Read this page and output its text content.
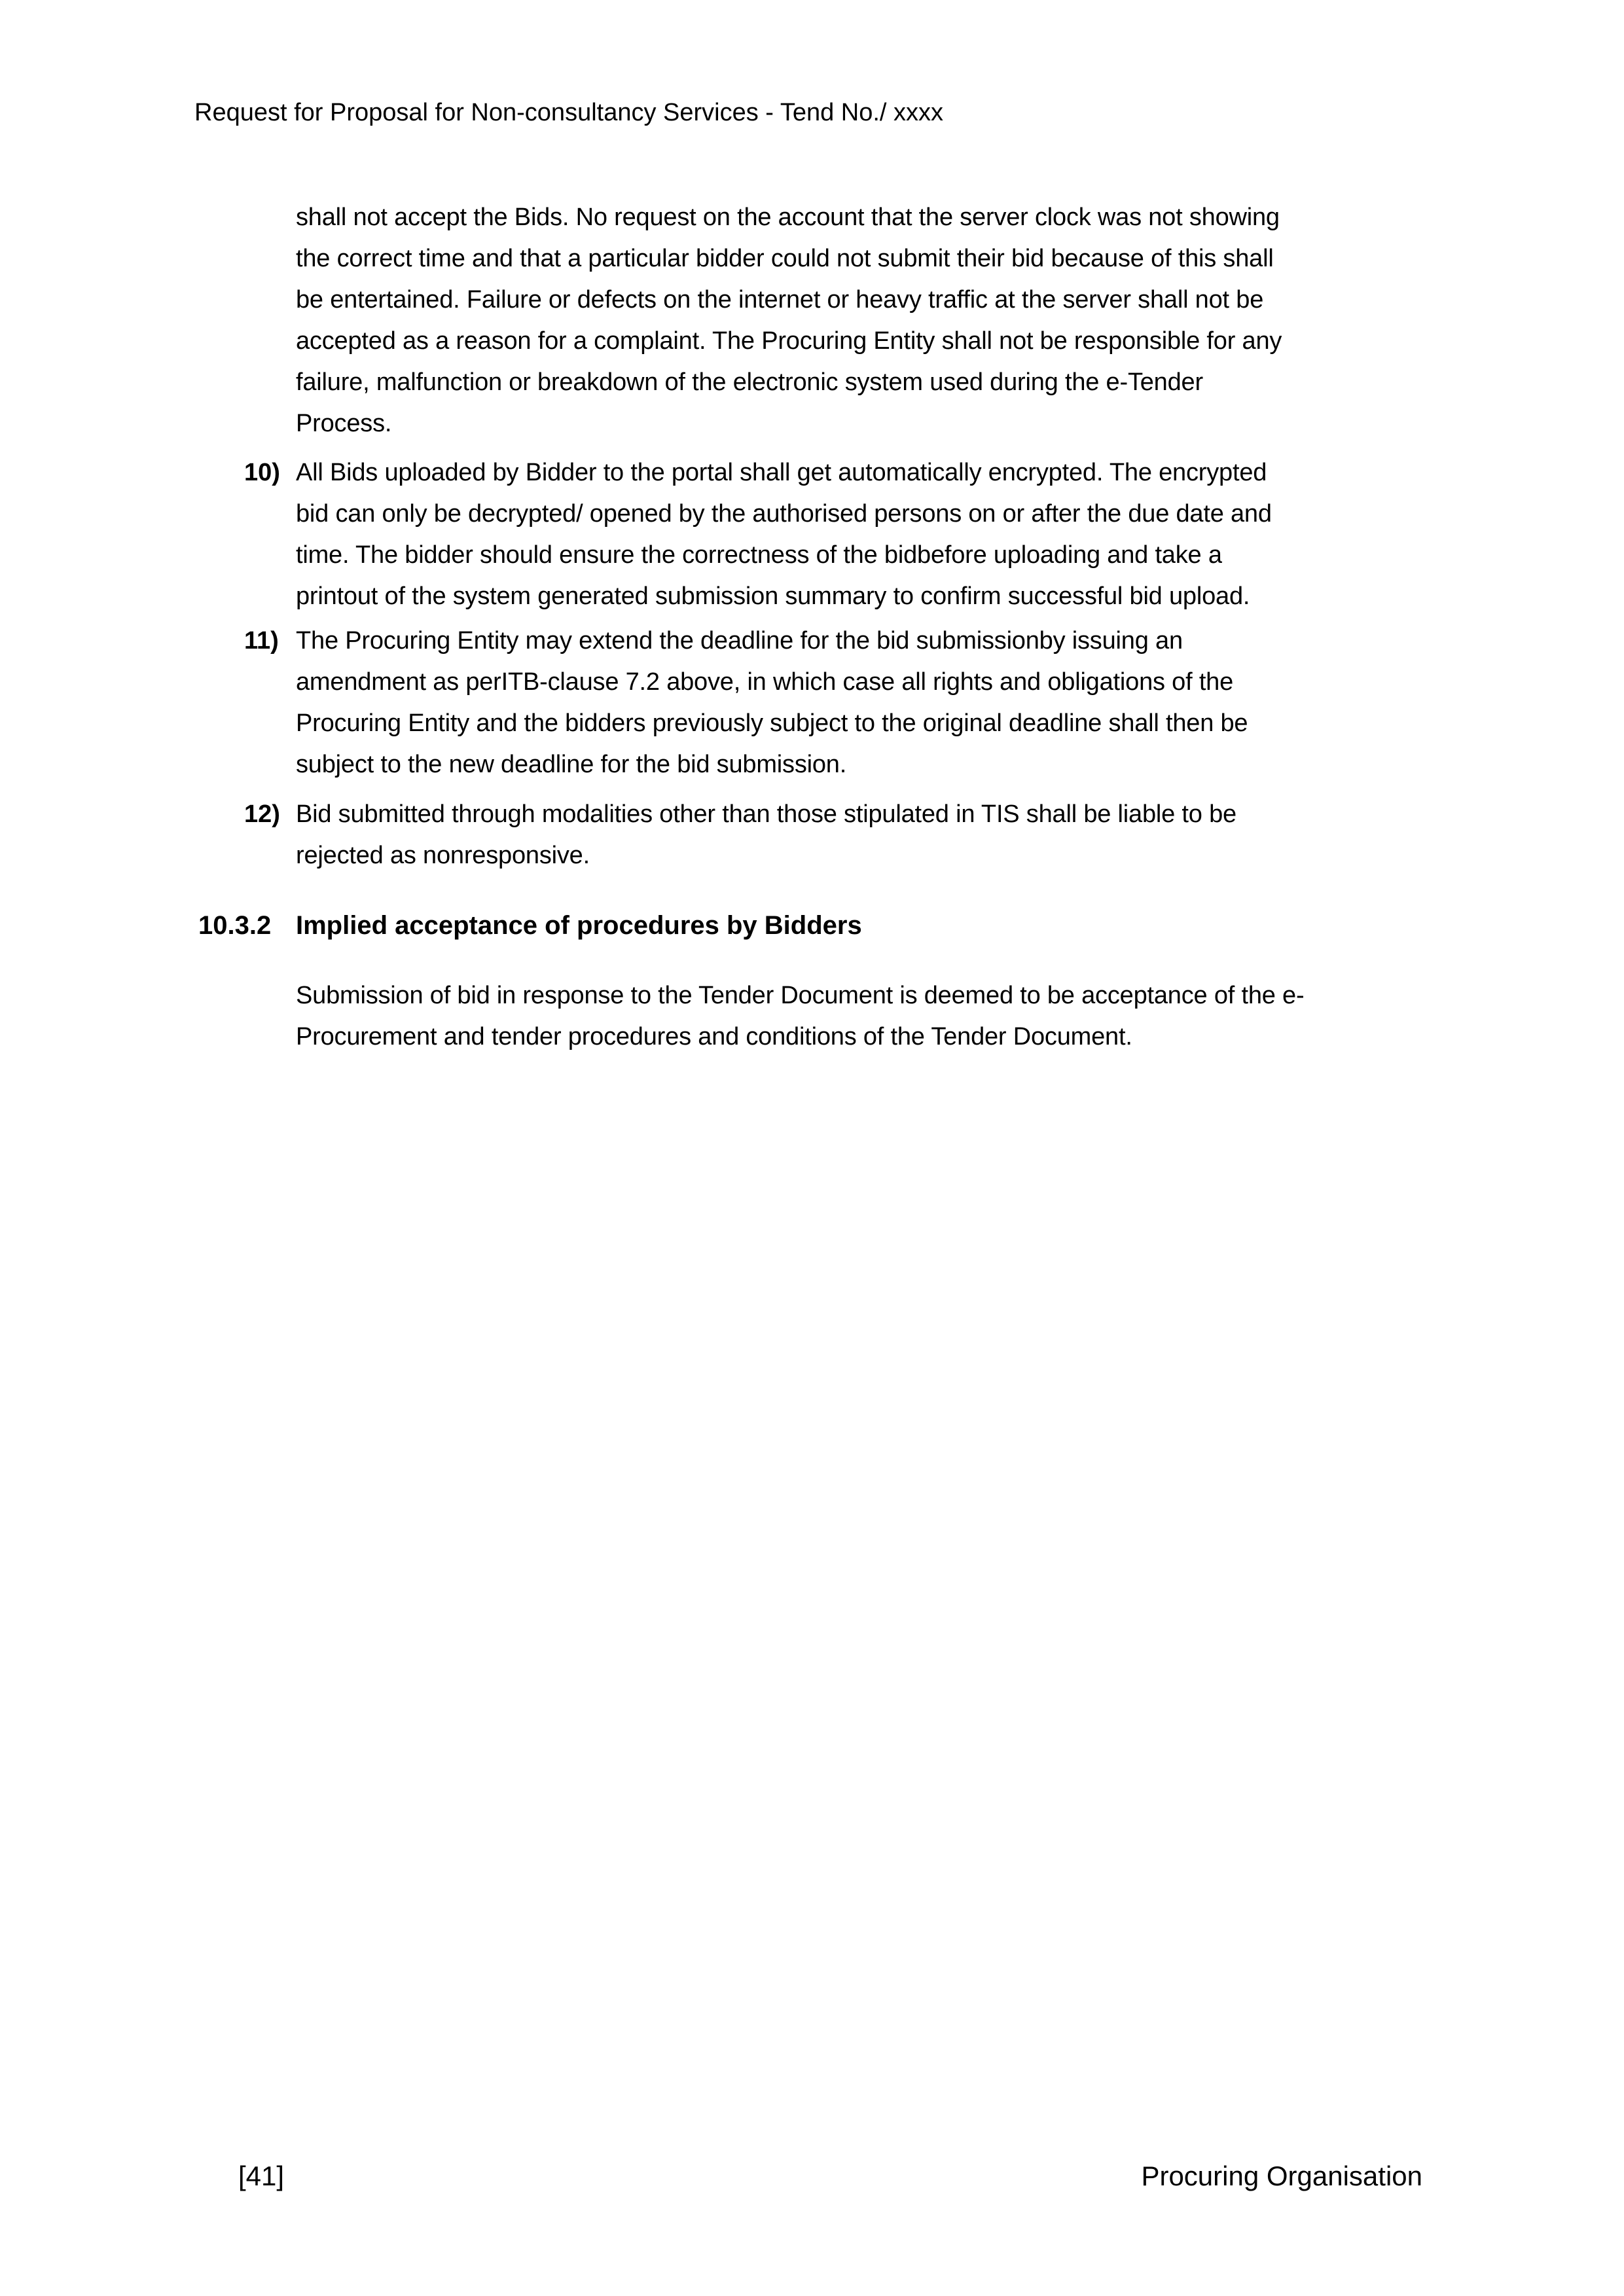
Request for Proposal for Non-consultancy Services - Tend No./ xxxx
shall not accept the Bids. No request on the account that the server clock was not showing
the correct time and that a particular bidder could not submit their bid because of this shall
be entertained. Failure or defects on the internet or heavy traffic at the server shall not be
accepted as a reason for a complaint. The Procuring Entity shall not be responsible for any
failure, malfunction or breakdown of the electronic system used during the e-Tender
Process.
10) All Bids uploaded by Bidder to the portal shall get automatically encrypted. The encrypted
bid can only be decrypted/ opened by the authorised persons on or after the due date and
time. The bidder should ensure the correctness of the bidbefore uploading and take a
printout of the system generated submission summary to confirm successful bid upload.
11) The Procuring Entity may extend the deadline for the bid submissionby issuing an
amendment as perITB-clause 7.2 above, in which case all rights and obligations of the
Procuring Entity and the bidders previously subject to the original deadline shall then be
subject to the new deadline for the bid submission.
12) Bid submitted through modalities other than those stipulated in TIS shall be liable to be
rejected as nonresponsive.
10.3.2 Implied acceptance of procedures by Bidders
Submission of bid in response to the Tender Document is deemed to be acceptance of the e-
Procurement and tender procedures and conditions of the Tender Document.
[41]	Procuring Organisation
